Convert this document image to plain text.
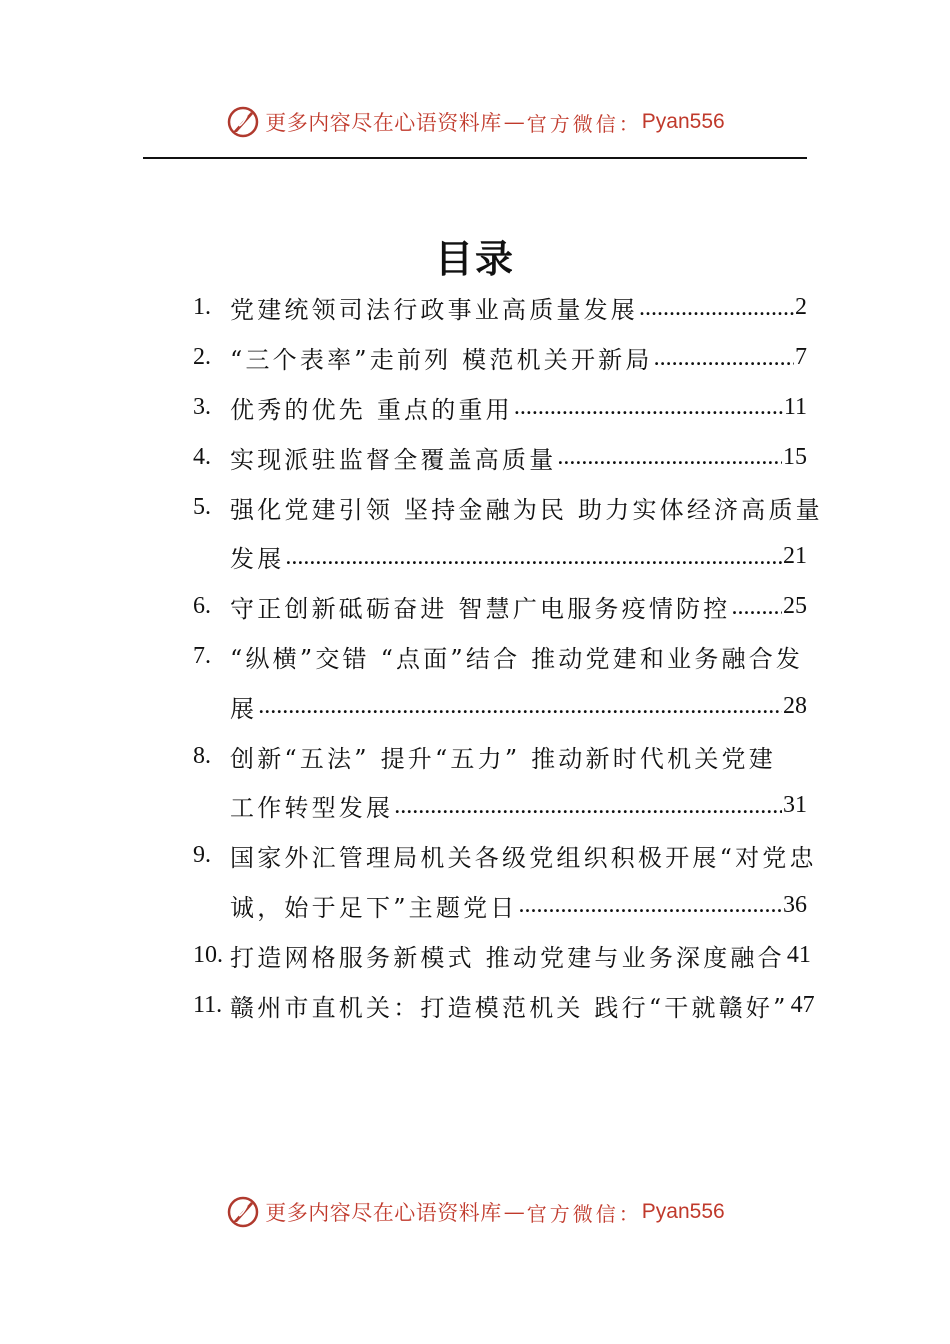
更多内容尽在心语资料库 — 官方微信： Pyan556
目录
1. 党建统领司法行政事业高质量发展 .....	2
2. “三个表率”走前列 模范机关开新局 .....	7
3. 优秀的优先 重点的重用 .....	11
4. 实现派驻监督全覆盖高质量 .....	15
5. 强化党建引领 坚持金融为民 助力实体经济高质量
发展 .....	21
6. 守正创新砥砺奋进 智慧广电服务疫情防控 ..... 25
7. “纵横”交错 “点面”结合 推动党建和业务融合发
展 .....	28
8. 创新“五法” 提升“五力” 推动新时代机关党建
工作转型发展 .....	31
9. 国家外汇管理局机关各级党组织积极开展“对党忠
诚，始于足下”主题党日 .....	36
10. 打造网格服务新模式 推动党建与业务深度融合 41
11. 赣州市直机关：打造模范机关 践行“干就赣好” 47
更多内容尽在心语资料库 — 官方微信： Pyan556
